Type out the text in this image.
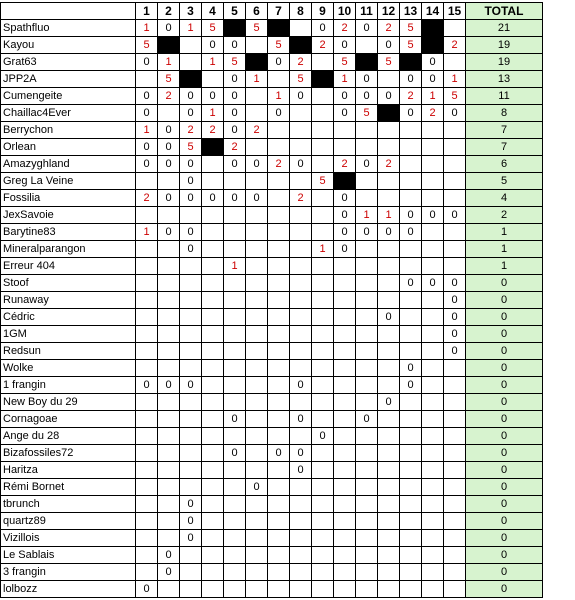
	1	2	3	4	5	6	7	8	9	10	11	12	13	14	15	TOTAL
Spathfluo	1	0	1	5		5			0	2	0	2	5			21
Kayou	5			0	0		5		2	0		0	5		2	19
Grat63	0	1		1	5		0	2		5		5		0		19
JPP2A		5			0	1		5		1	0		0	0	1	13
Cumengeite	0	2	0	0	0		1	0		0	0	0	2	1	5	11
Chaillac4Ever	0		0	1	0		0			0	5		0	2	0	8
Berrychon	1	0	2	2	0	2										7
Orlean	0	0	5		2											7
Amazyghland	0	0	0		0	0	2	0		2	0	2				6
Greg La Veine			0						5							5
Fossilia	2	0	0	0	0	0		2		0						4
JexSavoie										0	1	1	0	0	0	2
Barytine83	1	0	0							0	0	0	0			1
Mineralparangon			0						1	0						1
Erreur 404					1											1
Stoof													0	0	0	0
Runaway															0	0
Cédric												0			0	0
1GM															0	0
Redsun															0	0
Wolke													0			0
1 frangin	0	0	0					0					0			0
New Boy du 29												0				0
Cornagoae					0			0			0					0
Ange du 28									0							0
Bizafossiles72					0		0	0								0
Haritza								0								0
Rémi Bornet						0										0
tbrunch			0													0
quartz89			0													0
Vizillois			0													0
Le Sablais		0														0
3 frangin		0														0
lolbozz	0															0
